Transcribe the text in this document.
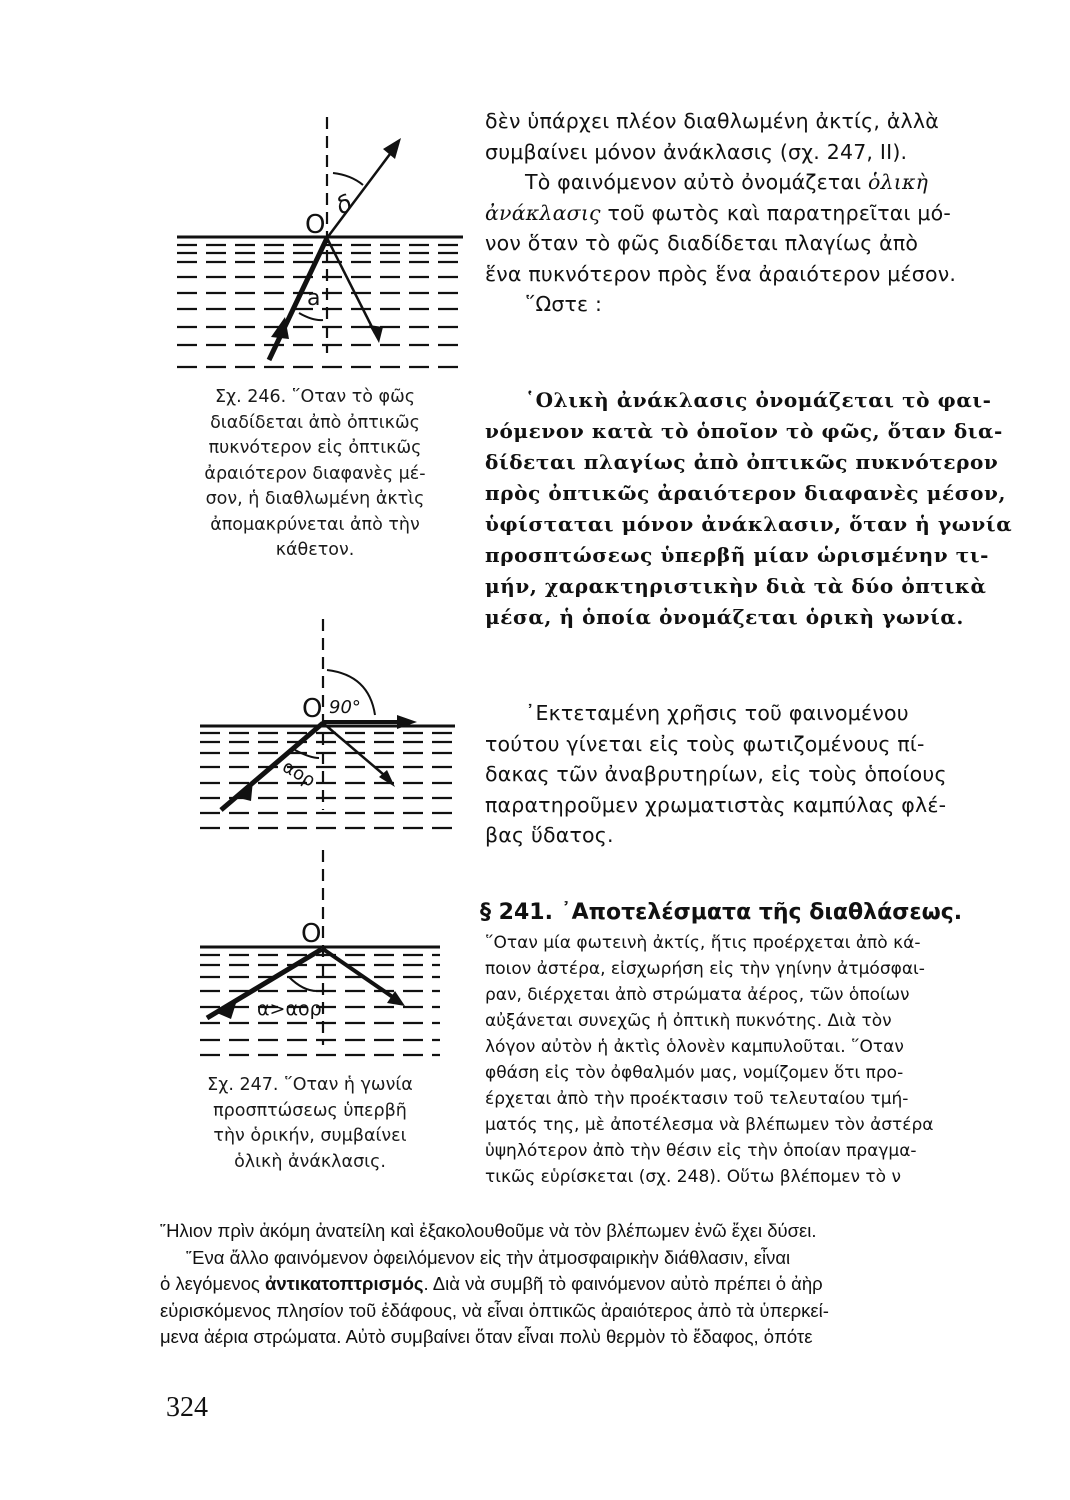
O
δ
a
Σχ. 246. ῞Οταν τὸ φῶς
διαδίδεται ἀπὸ ὀπτικῶς
πυκνότερον εἰς ὀπτικῶς
ἀραιότερον διαφανὲς μέ-
σον, ἡ διαθλωμένη ἀκτὶς
ἀπομακρύνεται ἀπὸ τὴν
κάθετον.
O 90°
αορ
O
α>αορ
Σχ. 247. ῞Οταν ἡ γωνία
προσπτώσεως ὑπερβῆ
τὴν ὁρικήν, συμβαίνει
ὁλικὴ ἀνάκλασις.
δὲν ὑπάρχει πλέον διαθλωμένη ἀκτίς, ἀλλὰ
συμβαίνει μόνον ἀνάκλασις (σχ. 247, II).
Τὸ φαινόμενον αὐτὸ ὀνομάζεται ὁλικὴ
ἀνάκλασις τοῦ φωτὸς καὶ παρατηρεῖται μό-
νον ὅταν τὸ φῶς διαδίδεται πλαγίως ἀπὸ
ἕνα πυκνότερον πρὸς ἕνα ἀραιότερον μέσον.
῞Ωστε :
῾Ολικὴ ἀνάκλασις ὀνομάζεται τὸ φαι-
νόμενον κατὰ τὸ ὁποῖον τὸ φῶς, ὅταν δια-
δίδεται πλαγίως ἀπὸ ὀπτικῶς πυκνότερον
πρὸς ὀπτικῶς ἀραιότερον διαφανὲς μέσον,
ὑφίσταται μόνον ἀνάκλασιν, ὅταν ἡ γωνία
προσπτώσεως ὑπερβῆ μίαν ὡρισμένην τι-
μήν, χαρακτηριστικὴν διὰ τὰ δύο ὀπτικὰ
μέσα, ἡ ὁποία ὀνομάζεται ὁρικὴ γωνία.
᾿Εκτεταμένη χρῆσις τοῦ φαινομένου
τούτου γίνεται εἰς τοὺς φωτιζομένους πί-
δακας τῶν ἀναβρυτηρίων, εἰς τοὺς ὁποίους
παρατηροῦμεν χρωματιστὰς καμπύλας φλέ-
βας ὕδατος.
§ 241. ᾿Αποτελέσματα τῆς διαθλάσεως.
῞Οταν μία φωτεινὴ ἀκτίς, ἥτις προέρχεται ἀπὸ κά-
ποιον ἀστέρα, εἰσχωρήση εἰς τὴν γηίνην ἀτμόσφαι-
ραν, διέρχεται ἀπὸ στρώματα ἀέρος, τῶν ὁποίων
αὐξάνεται συνεχῶς ἡ ὀπτικὴ πυκνότης. Διὰ τὸν
λόγον αὐτὸν ἡ ἀκτὶς ὁλονὲν καμπυλοῦται. ῞Οταν
φθάση εἰς τὸν ὀφθαλμόν μας, νομίζομεν ὅτι προ-
έρχεται ἀπὸ τὴν προέκτασιν τοῦ τελευταίου τμή-
ματός της, μὲ ἀποτέλεσμα νὰ βλέπωμεν τὸν ἀστέρα
ὑψηλότερον ἀπὸ τὴν θέσιν εἰς τὴν ὁποίαν πραγμα-
τικῶς εὑρίσκεται (σχ. 248). Οὕτω βλέπομεν τὸ ν
῞Ηλιον πρὶν ἀκόμη ἀνατείλη καὶ ἐξακολουθοῦμε νὰ τὸν βλέπωμεν ἐνῶ ἔχει δύσει.
῞Ενα ἄλλο φαινόμενον ὀφειλόμενον εἰς τὴν ἀτμοσφαιρικὴν διάθλασιν, εἶναι
ὁ λεγόμενος ἀντικατοπτρισμός. Διὰ νὰ συμβῆ τὸ φαινόμενον αὐτὸ πρέπει ὁ ἀὴρ
εὑρισκόμενος πλησίον τοῦ ἐδάφους, νὰ εἶναι ὀπτικῶς ἀραιότερος ἀπὸ τὰ ὑπερκεί-
μενα ἀέρια στρώματα. Αὐτὸ συμβαίνει ὅταν εἶναι πολὺ θερμὸν τὸ ἔδαφος, ὁπότε
324
